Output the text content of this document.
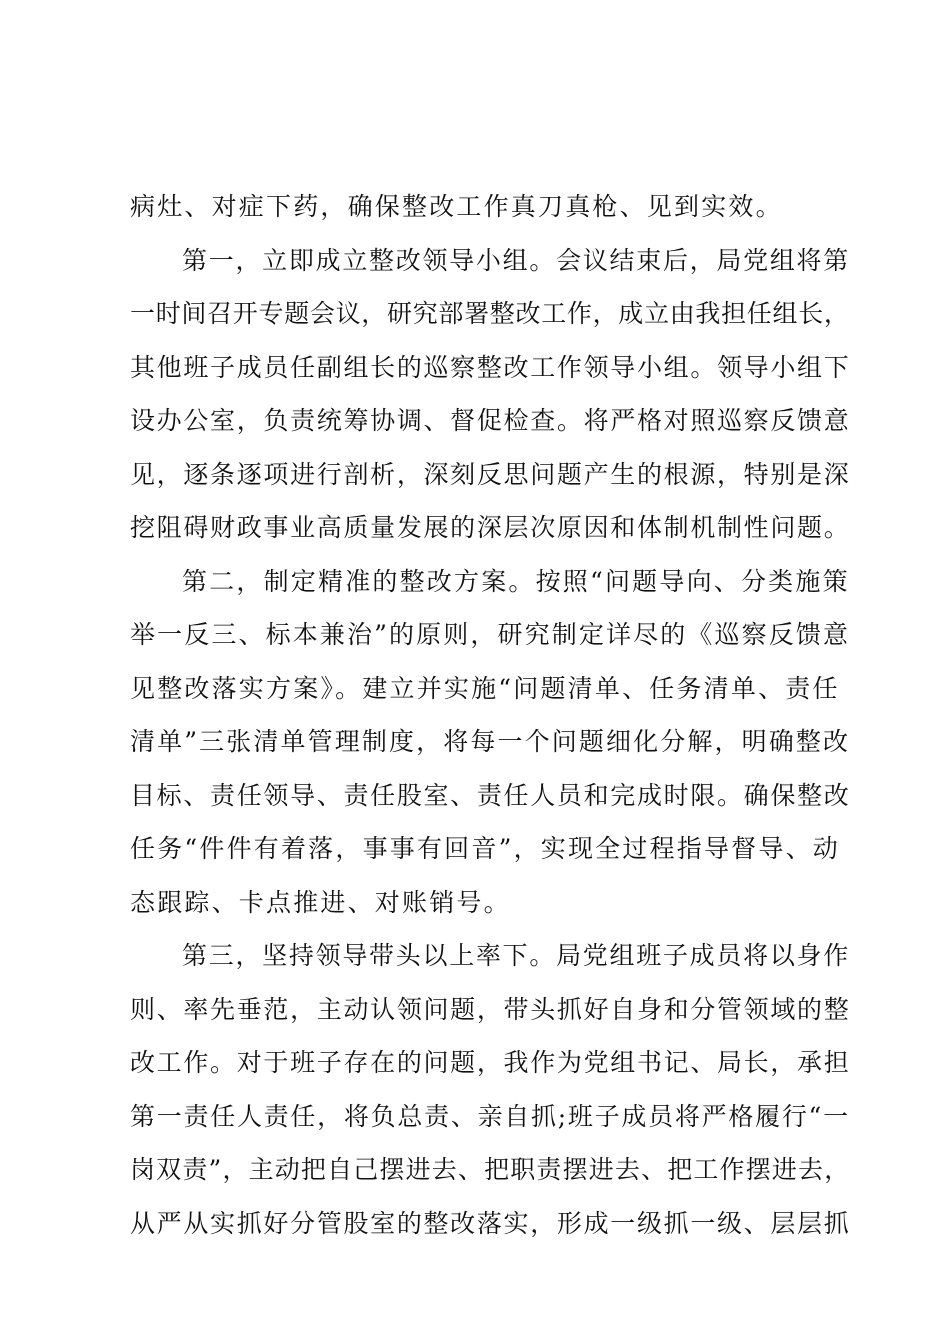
病灶、对症下药，确保整改工作真刀真枪、见到实效。
第一，立即成立整改领导小组。会议结束后，局党组将第
一时间召开专题会议，研究部署整改工作，成立由我担任组长，
其他班子成员任副组长的巡察整改工作领导小组。领导小组下
设办公室，负责统筹协调、督促检查。将严格对照巡察反馈意
见，逐条逐项进行剖析，深刻反思问题产生的根源，特别是深
挖阻碍财政事业高质量发展的深层次原因和体制机制性问题。
第二，制定精准的整改方案。按照“问题导向、分类施策
举一反三、标本兼治”的原则，研究制定详尽的《巡察反馈意
见整改落实方案》。建立并实施“问题清单、任务清单、责任
清单”三张清单管理制度，将每一个问题细化分解，明确整改
目标、责任领导、责任股室、责任人员和完成时限。确保整改
任务“件件有着落，事事有回音”，实现全过程指导督导、动
态跟踪、卡点推进、对账销号。
第三，坚持领导带头以上率下。局党组班子成员将以身作
则、率先垂范，主动认领问题，带头抓好自身和分管领域的整
改工作。对于班子存在的问题，我作为党组书记、局长，承担
第一责任人责任，将负总责、亲自抓;班子成员将严格履行“一
岗双责”，主动把自己摆进去、把职责摆进去、把工作摆进去，
从严从实抓好分管股室的整改落实，形成一级抓一级、层层抓
